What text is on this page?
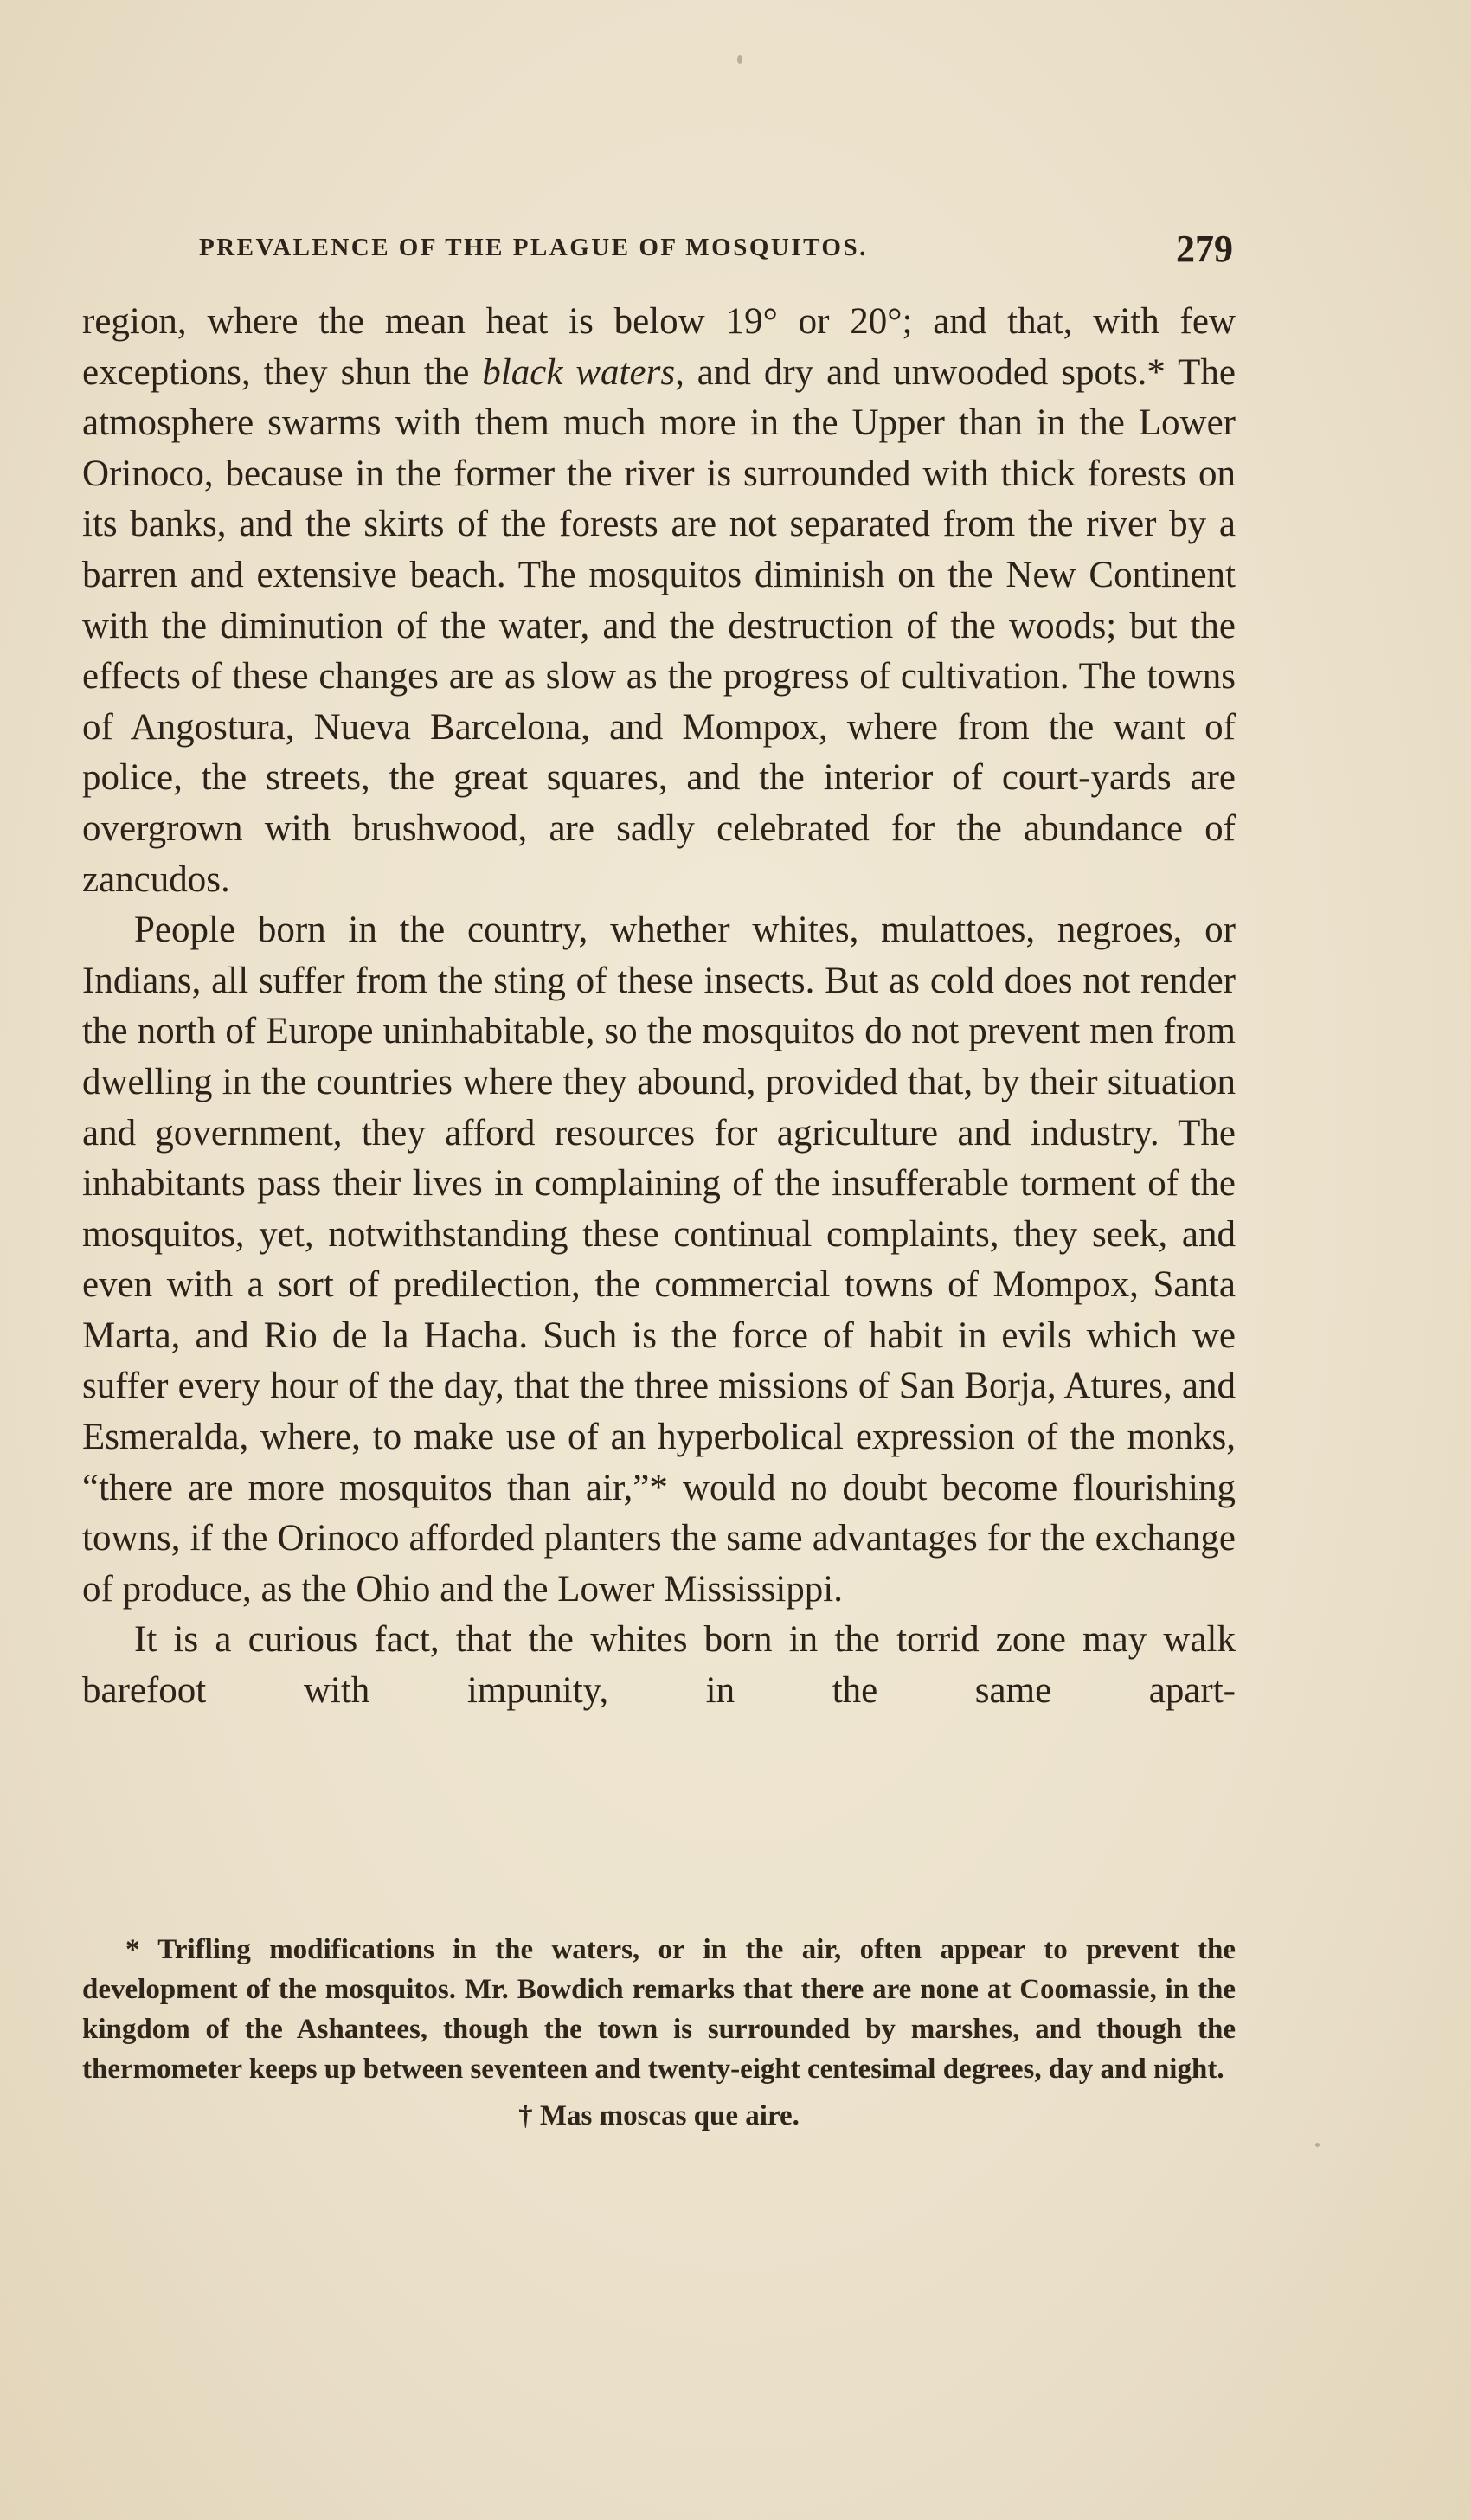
PREVALENCE OF THE PLAGUE OF MOSQUITOS.	279

region, where the mean heat is below 19° or 20°; and that, with few exceptions, they shun the black waters, and dry and unwooded spots.* The atmosphere swarms with them much more in the Upper than in the Lower Orinoco, because in the former the river is surrounded with thick forests on its banks, and the skirts of the forests are not separated from the river by a barren and extensive beach. The mosquitos diminish on the New Continent with the diminution of the water, and the destruction of the woods; but the effects of these changes are as slow as the progress of cultivation. The towns of Angostura, Nueva Barcelona, and Mompox, where from the want of police, the streets, the great squares, and the interior of court-yards are overgrown with brushwood, are sadly celebrated for the abundance of zancudos.

People born in the country, whether whites, mulattoes, negroes, or Indians, all suffer from the sting of these insects. But as cold does not render the north of Europe uninhabitable, so the mosquitos do not prevent men from dwelling in the countries where they abound, provided that, by their situation and government, they afford resources for agriculture and industry. The inhabitants pass their lives in complaining of the insufferable torment of the mosquitos, yet, notwithstanding these continual complaints, they seek, and even with a sort of predilection, the commercial towns of Mompox, Santa Marta, and Rio de la Hacha. Such is the force of habit in evils which we suffer every hour of the day, that the three missions of San Borja, Atures, and Esmeralda, where, to make use of an hyperbolical expression of the monks, “there are more mosquitos than air,”* would no doubt become flourishing towns, if the Orinoco afforded planters the same advantages for the exchange of produce, as the Ohio and the Lower Mississippi.

It is a curious fact, that the whites born in the torrid zone may walk barefoot with impunity, in the same apart-

* Trifling modifications in the waters, or in the air, often appear to prevent the development of the mosquitos. Mr. Bowdich remarks that there are none at Coomassie, in the kingdom of the Ashantees, though the town is surrounded by marshes, and though the thermometer keeps up between seventeen and twenty-eight centesimal degrees, day and night.

† Mas moscas que aire.
